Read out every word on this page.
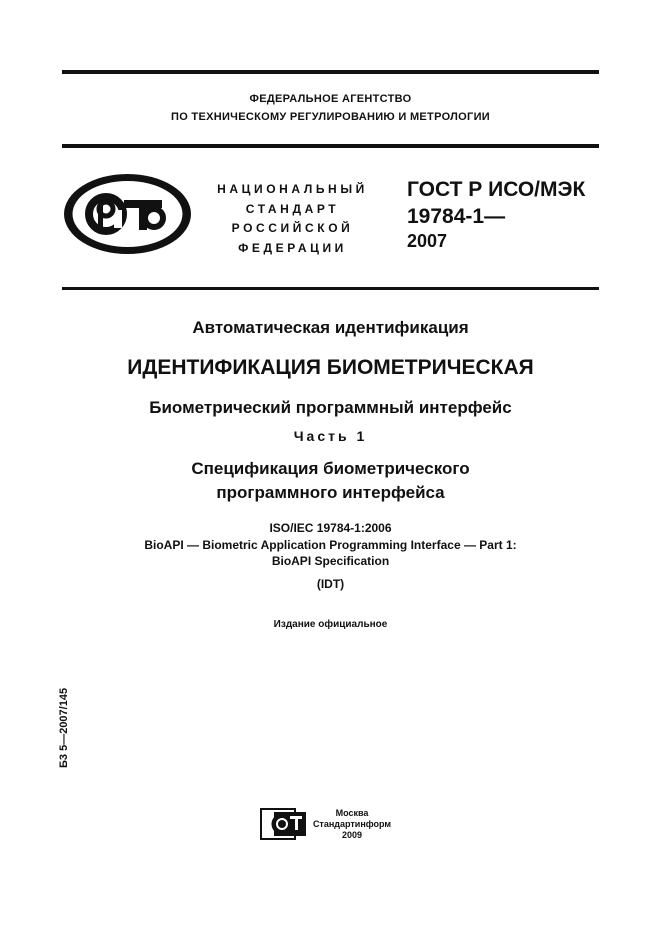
ФЕДЕРАЛЬНОЕ АГЕНТСТВО
ПО ТЕХНИЧЕСКОМУ РЕГУЛИРОВАНИЮ И МЕТРОЛОГИИ
НАЦИОНАЛЬНЫЙ
СТАНДАРТ
РОССИЙСКОЙ
ФЕДЕРАЦИИ
ГОСТ Р ИСО/МЭК
19784-1—
2007
Автоматическая идентификация
ИДЕНТИФИКАЦИЯ БИОМЕТРИЧЕСКАЯ
Биометрический программный интерфейс
Часть 1
Спецификация биометрического
программного интерфейса
ISO/IEC 19784-1:2006
BioAPI — Biometric Application Programming Interface — Part 1:
BioAPI Specification
(IDT)
Издание официальное
Б3 5—2007/145
Москва
Стандартинформ
2009
